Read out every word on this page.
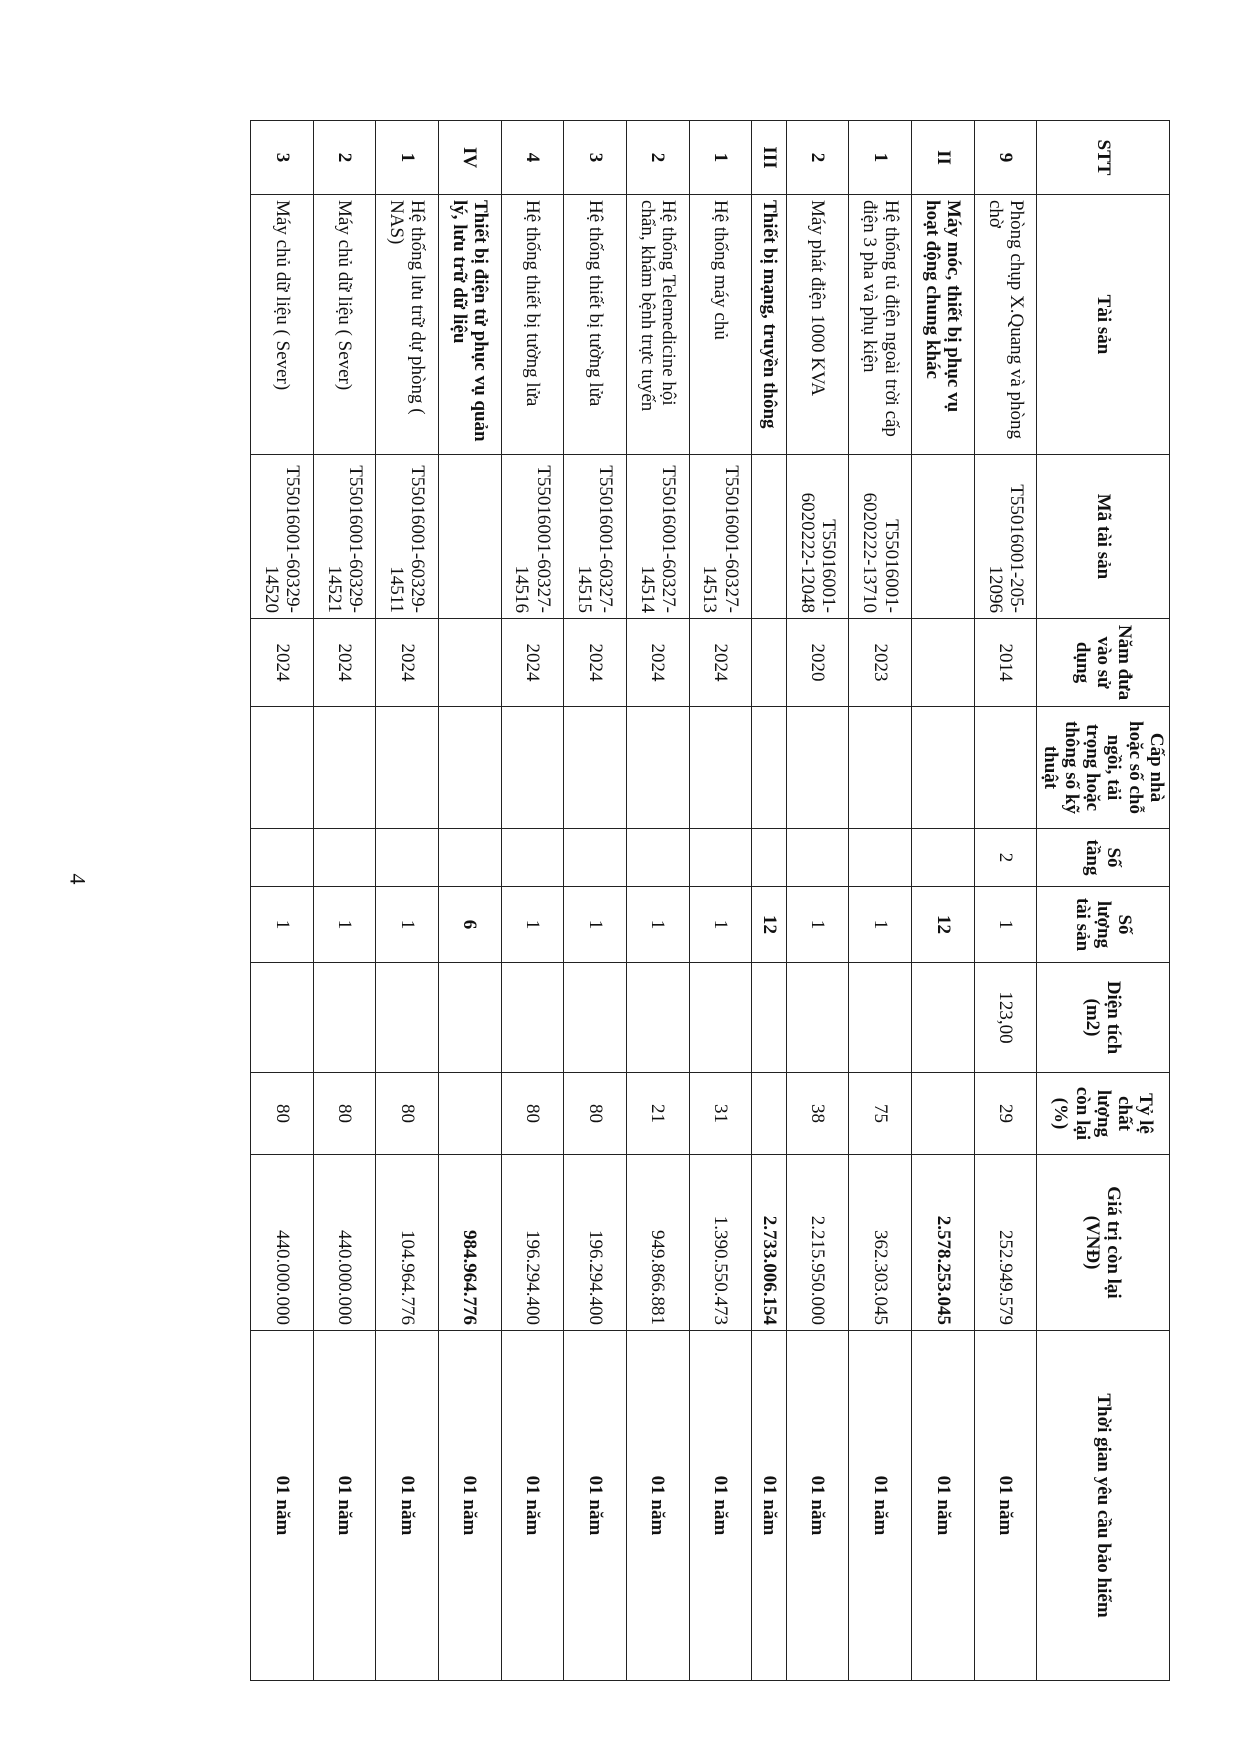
STT	Tài sản	Mã tài sản	Năm đưa vào sử dụng	Cấp nhà hoặc số chỗ ngồi, tải trọng hoặc thông số kỹ thuật	Số tầng	Số lượng tài sản	Diện tích (m2)	Tỷ lệ chất lượng còn lại (%)	Giá trị còn lại (VNĐ)	Thời gian yêu cầu bảo hiểm
9	Phòng chụp X.Quang và phòng chờ	T55016001-205-12096	2014		2	1	123,00	29	252.949.579	01 năm
II	Máy móc, thiết bị phục vụ hoạt động chung khác					12			2.578.253.045	01 năm
1	Hệ thống tủ điện ngoài trời cấp điện 3 pha và phụ kiện	T55016001-6020222-13710	2023			1		75	362.303.045	01 năm
2	Máy phát điện 1000 KVA	T55016001-6020222-12048	2020			1		38	2.215.950.000	01 năm
III	Thiết bị mạng, truyền thông					12			2.733.006.154	01 năm
1	Hệ thống máy chủ	T55016001-60327-14513	2024			1		31	1.390.550.473	01 năm
2	Hệ thống Telemedicine hội chẩn, khám bệnh trực tuyến	T55016001-60327-14514	2024			1		21	949.866.881	01 năm
3	Hệ thống thiết bị tường lửa	T55016001-60327-14515	2024			1		80	196.294.400	01 năm
4	Hệ thống thiết bị tường lửa	T55016001-60327-14516	2024			1		80	196.294.400	01 năm
IV	Thiết bị điện tử phục vụ quản lý, lưu trữ dữ liệu					6			984.964.776	01 năm
1	Hệ thống lưu trữ dự phòng ( NAS)	T55016001-60329-14511	2024			1		80	104.964.776	01 năm
2	Máy chủ dữ liệu ( Sever)	T55016001-60329-14521	2024			1		80	440.000.000	01 năm
3	Máy chủ dữ liệu ( Sever)	T55016001-60329-14520	2024			1		80	440.000.000	01 năm
4
